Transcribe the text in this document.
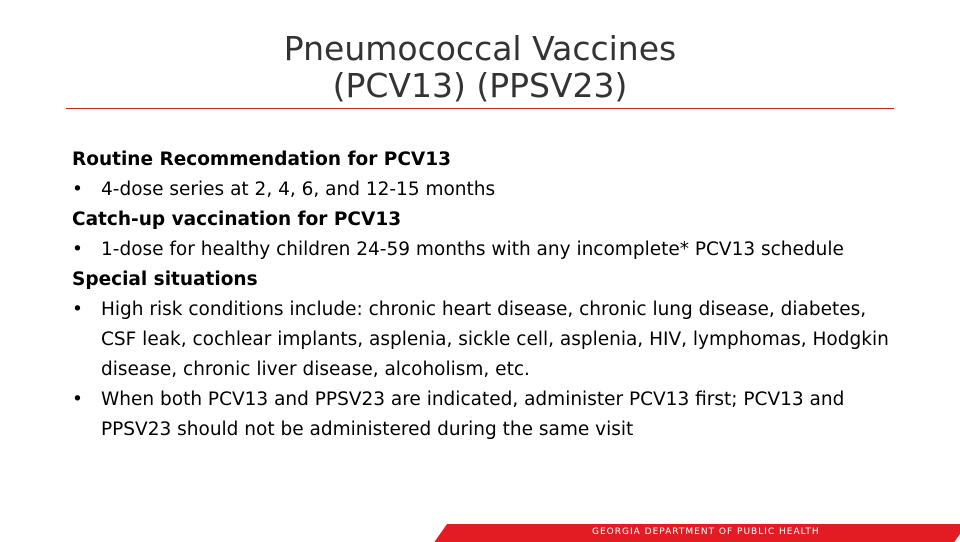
Pneumococcal Vaccines
(PCV13) (PPSV23)

Routine Recommendation for PCV13

• 4-dose series at 2, 4, 6, and 12-15 months

Catch-up vaccination for PCV13

• 1-dose for healthy children 24-59 months with any incomplete* PCV13 schedule

Special situations

• High risk conditions include: chronic heart disease, chronic lung disease, diabetes, CSF leak, cochlear implants, asplenia, sickle cell, asplenia, HIV, lymphomas, Hodgkin disease, chronic liver disease, alcoholism, etc.
• When both PCV13 and PPSV23 are indicated, administer PCV13 first; PCV13 and PPSV23 should not be administered during the same visit
GEORGIA DEPARTMENT OF PUBLIC HEALTH
